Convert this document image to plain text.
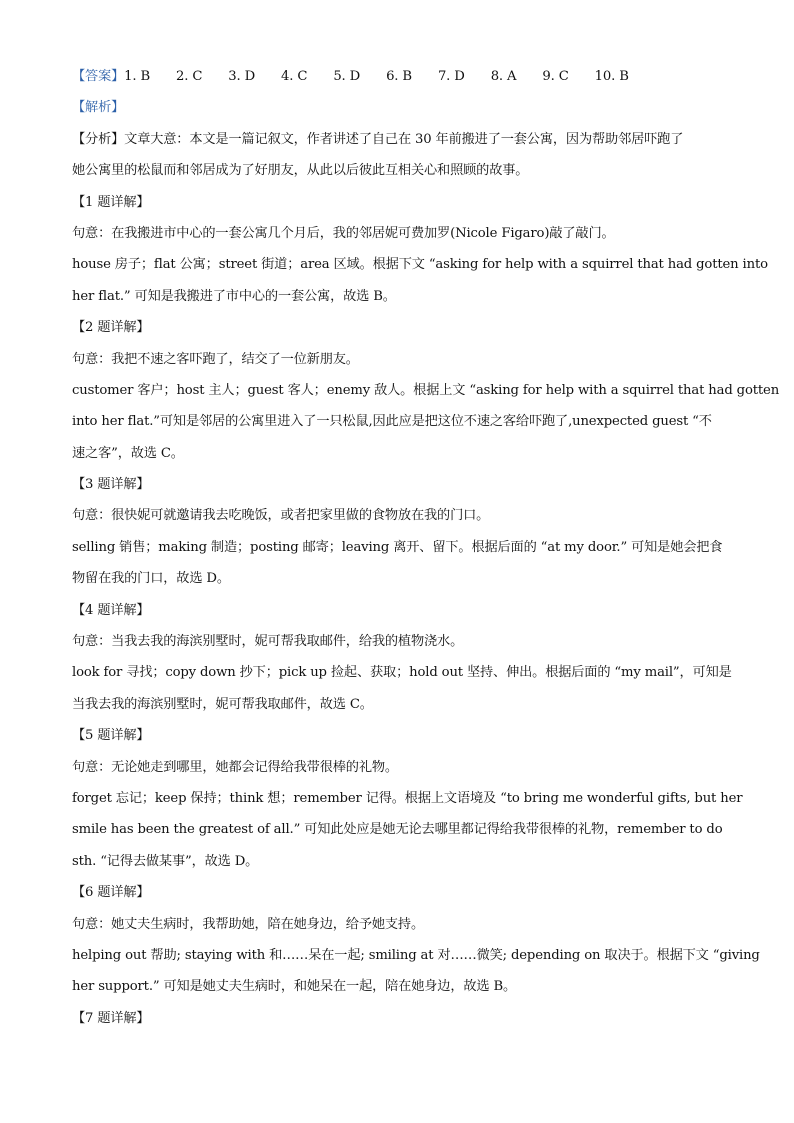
【答案】 1. B 2. C 3. D 4. C 5. D 6. B 7. D 8. A 9. C 10. B
【解析】
【分析】文章大意：本文是一篇记叙文，作者讲述了自己在 30 年前搬进了一套公寓，因为帮助邻居吓跑了
她公寓里的松鼠而和邻居成为了好朋友，从此以后彼此互相关心和照顾的故事。
【1 题详解】
句意：在我搬进市中心的一套公寓几个月后，我的邻居妮可费加罗(Nicole Figaro)敲了敲门。
house 房子；flat 公寓；street 街道；area 区域。根据下文 “asking for help with a squirrel that had gotten into
her flat.” 可知是我搬进了市中心的一套公寓，故选 B。
【2 题详解】
句意：我把不速之客吓跑了，结交了一位新朋友。
customer 客户；host 主人；guest 客人；enemy 敌人。根据上文 “asking for help with a squirrel that had gotten
into her flat.”可知是邻居的公寓里进入了一只松鼠,因此应是把这位不速之客给吓跑了,unexpected guest “不
速之客”，故选 C。
【3 题详解】
句意：很快妮可就邀请我去吃晚饭，或者把家里做的食物放在我的门口。
selling 销售；making 制造；posting 邮寄；leaving 离开、留下。根据后面的 “at my door.” 可知是她会把食
物留在我的门口，故选 D。
【4 题详解】
句意：当我去我的海滨别墅时，妮可帮我取邮件，给我的植物浇水。
look for 寻找；copy down 抄下；pick up 捡起、获取；hold out 坚持、伸出。根据后面的 “my mail”，可知是
当我去我的海滨别墅时，妮可帮我取邮件，故选 C。
【5 题详解】
句意：无论她走到哪里，她都会记得给我带很棒的礼物。
forget 忘记；keep 保持；think 想；remember 记得。根据上文语境及 “to bring me wonderful gifts, but her
smile has been the greatest of all.” 可知此处应是她无论去哪里都记得给我带很棒的礼物，remember to do
sth. “记得去做某事”，故选 D。
【6 题详解】
句意：她丈夫生病时，我帮助她，陪在她身边，给予她支持。
helping out 帮助; staying with 和……呆在一起; smiling at 对……微笑; depending on 取决于。根据下文 “giving
her support.” 可知是她丈夫生病时，和她呆在一起，陪在她身边，故选 B。
【7 题详解】
